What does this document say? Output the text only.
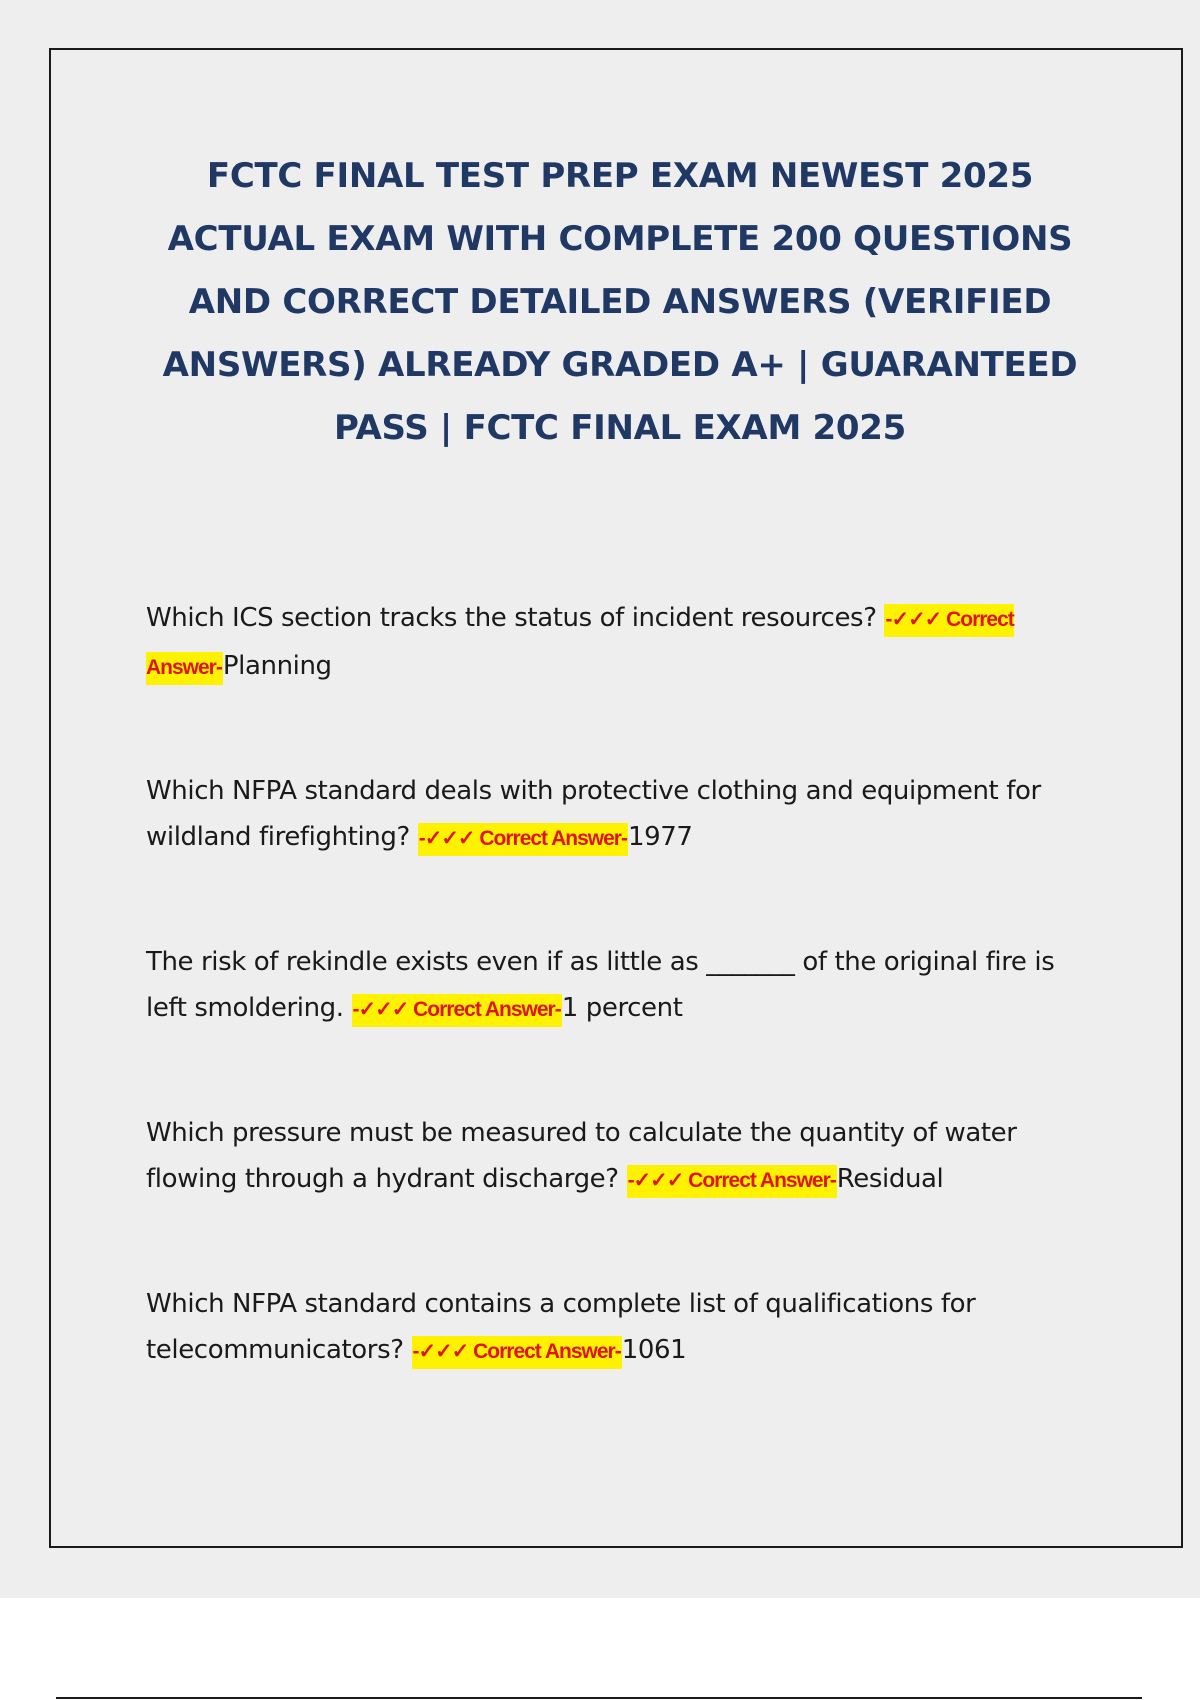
FCTC FINAL TEST PREP EXAM NEWEST 2025 ACTUAL EXAM WITH COMPLETE 200 QUESTIONS AND CORRECT DETAILED ANSWERS (VERIFIED ANSWERS) ALREADY GRADED A+ | GUARANTEED PASS | FCTC FINAL EXAM 2025
Which ICS section tracks the status of incident resources? -✓✓✓ Correct Answer-Planning
Which NFPA standard deals with protective clothing and equipment for wildland firefighting? -✓✓✓ Correct Answer-1977
The risk of rekindle exists even if as little as _______ of the original fire is left smoldering. -✓✓✓ Correct Answer-1 percent
Which pressure must be measured to calculate the quantity of water flowing through a hydrant discharge? -✓✓✓ Correct Answer-Residual
Which NFPA standard contains a complete list of qualifications for telecommunicators? -✓✓✓ Correct Answer-1061
